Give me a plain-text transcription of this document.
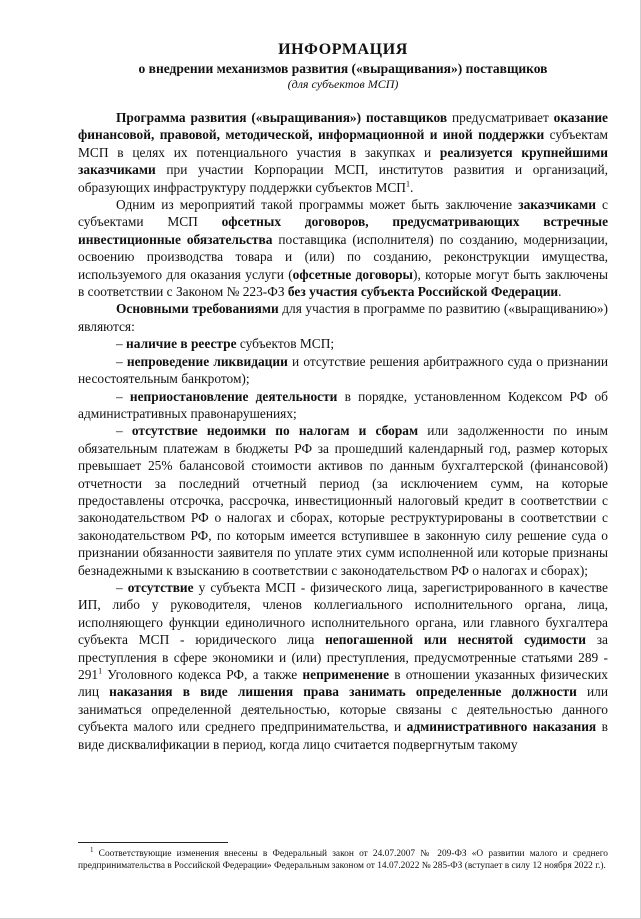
ИНФОРМАЦИЯ
о внедрении механизмов развития («выращивания») поставщиков
(для субъектов МСП)

Программа развития («выращивания») поставщиков предусматривает оказание финансовой, правовой, методической, информационной и иной поддержки субъектам МСП в целях их потенциального участия в закупках и реализуется крупнейшими заказчиками при участии Корпорации МСП, институтов развития и организаций, образующих инфраструктуру поддержки субъектов МСП$^1$.

Одним из мероприятий такой программы может быть заключение заказчиками с субъектами МСП офсетных договоров, предусматривающих встречные инвестиционные обязательства поставщика (исполнителя) по созданию, модернизации, освоению производства товара и (или) по созданию, реконструкции имущества, используемого для оказания услуги (офсетные договоры), которые могут быть заключены в соответствии с Законом № 223-ФЗ без участия субъекта Российской Федерации.

Основными требованиями для участия в программе по развитию («выращиванию») являются:

– наличие в реестре субъектов МСП;

– непроведение ликвидации и отсутствие решения арбитражного суда о признании несостоятельным банкротом);

– неприостановление деятельности в порядке, установленном Кодексом РФ об административных правонарушениях;

– отсутствие недоимки по налогам и сборам или задолженности по иным обязательным платежам в бюджеты РФ за прошедший календарный год, размер которых превышает 25% балансовой стоимости активов по данным бухгалтерской (финансовой) отчетности за последний отчетный период (за исключением сумм, на которые предоставлены отсрочка, рассрочка, инвестиционный налоговый кредит в соответствии с законодательством РФ о налогах и сборах, которые реструктурированы в соответствии с законодательством РФ, по которым имеется вступившее в законную силу решение суда о признании обязанности заявителя по уплате этих сумм исполненной или которые признаны безнадежными к взысканию в соответствии с законодательством РФ о налогах и сборах);

– отсутствие у субъекта МСП - физического лица, зарегистрированного в качестве ИП, либо у руководителя, членов коллегиального исполнительного органа, лица, исполняющего функции единоличного исполнительного органа, или главного бухгалтера субъекта МСП - юридического лица непогашенной или неснятой судимости за преступления в сфере экономики и (или) преступления, предусмотренные статьями $289 - 291^1$ Уголовного кодекса РФ, а также неприменение в отношении указанных физических лиц наказания в виде лишения права занимать определенные должности или заниматься определенной деятельностью, которые связаны с деятельностью данного субъекта малого или среднего предпринимательства, и административного наказания в виде дисквалификации в период, когда лицо считается подвергнутым такому

$^1$ Соответствующие изменения внесены в Федеральный закон от 24.07.2007 № 209-ФЗ «О развитии малого и среднего предпринимательства в Российской Федерации» Федеральным законом от 14.07.2022 № 285-ФЗ (вступает в силу 12 ноября 2022 г.).
